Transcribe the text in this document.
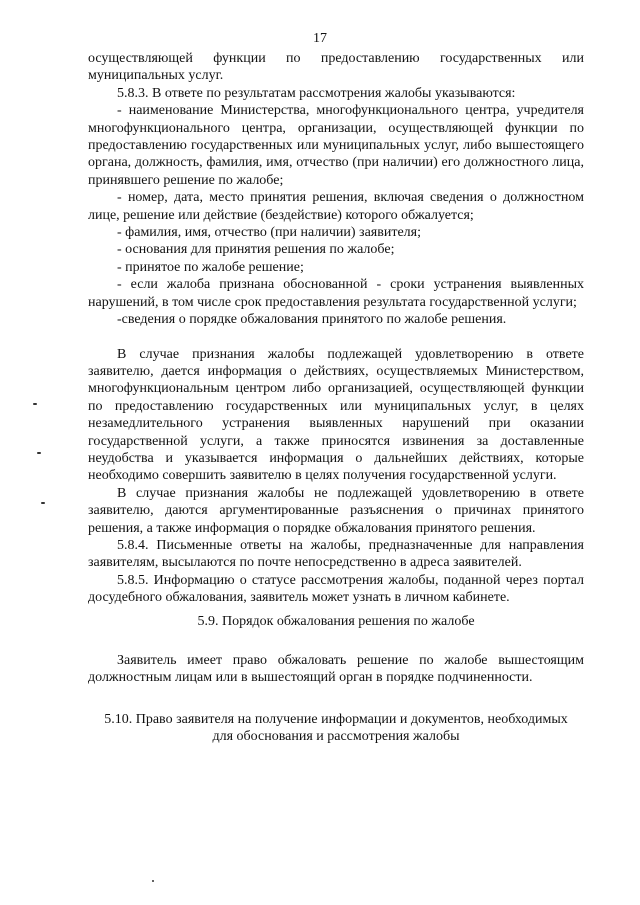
17

осуществляющей функции по предоставлению государственных или муниципальных услуг.

5.8.3. В ответе по результатам рассмотрения жалобы указываются:

- наименование Министерства, многофункционального центра, учредителя многофункционального центра, организации, осуществляющей функции по предоставлению государственных или муниципальных услуг, либо вышестоящего органа, должность, фамилия, имя, отчество (при наличии) его должностного лица, принявшего решение по жалобе;

- номер, дата, место принятия решения, включая сведения о должностном лице, решение или действие (бездействие) которого обжалуется;

- фамилия, имя, отчество (при наличии) заявителя;

- основания для принятия решения по жалобе;

- принятое по жалобе решение;

- если жалоба признана обоснованной - сроки устранения выявленных нарушений, в том числе срок предоставления результата государственной услуги;

-сведения о порядке обжалования принятого по жалобе решения.

В случае признания жалобы подлежащей удовлетворению в ответе заявителю, дается информация о действиях, осуществляемых Министерством, многофункциональным центром либо организацией, осуществляющей функции по предоставлению государственных или муниципальных услуг, в целях незамедлительного устранения выявленных нарушений при оказании государственной услуги, а также приносятся извинения за доставленные неудобства и указывается информация о дальнейших действиях, которые необходимо совершить заявителю в целях получения государственной услуги.

В случае признания жалобы не подлежащей удовлетворению в ответе заявителю, даются аргументированные разъяснения о причинах принятого решения, а также информация о порядке обжалования принятого решения.

5.8.4. Письменные ответы на жалобы, предназначенные для направления заявителям, высылаются по почте непосредственно в адреса заявителей.

5.8.5. Информацию о статусе рассмотрения жалобы, поданной через портал досудебного обжалования, заявитель может узнать в личном кабинете.

5.9. Порядок обжалования решения по жалобе

Заявитель имеет право обжаловать решение по жалобе вышестоящим должностным лицам или в вышестоящий орган в порядке подчиненности.

5.10. Право заявителя на получение информации и документов, необходимых
для обоснования и рассмотрения жалобы
